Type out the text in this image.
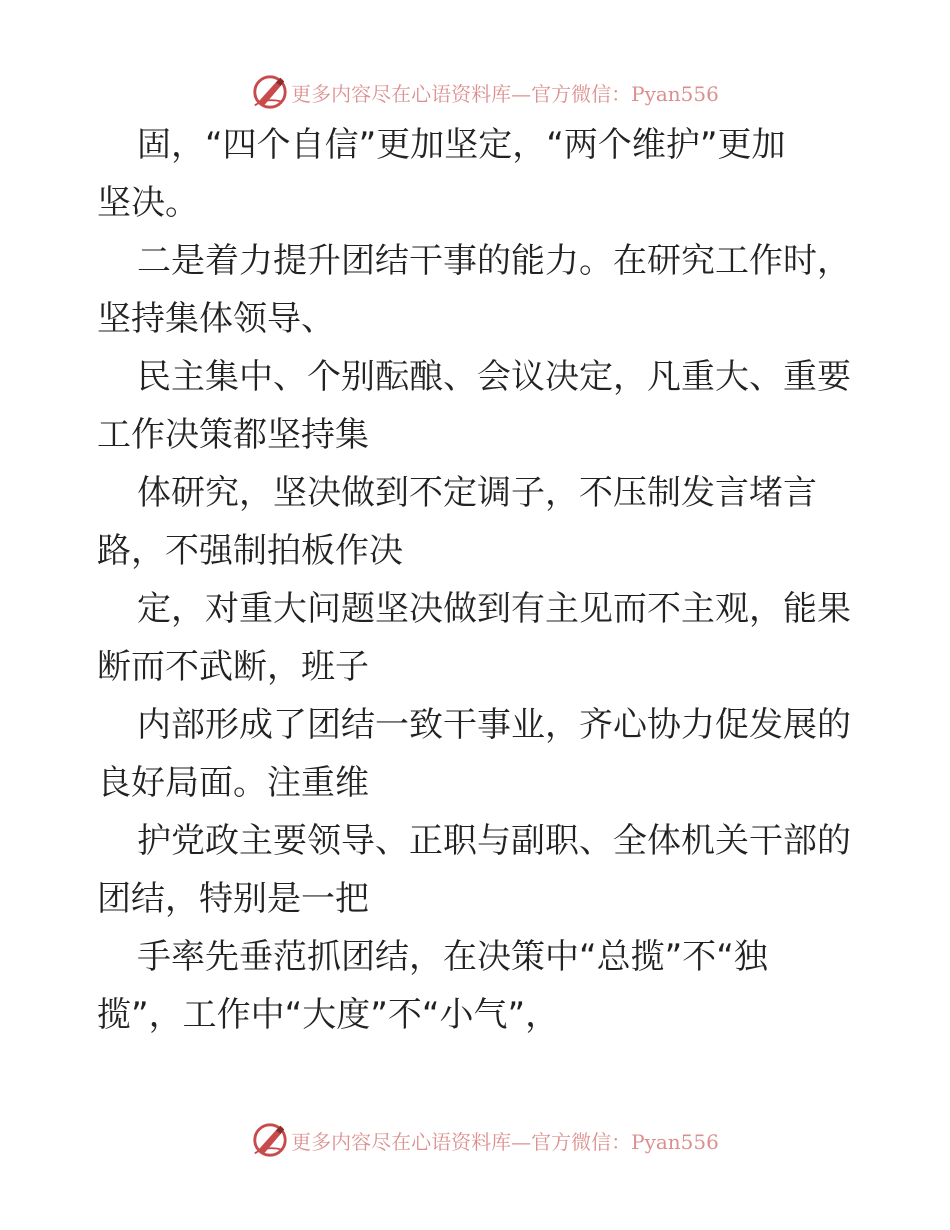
更多内容尽在心语资料库—官方微信：Pyan556
固，“四个自信”更加坚定，“两个维护”更加
坚决。
二是着力提升团结干事的能力。在研究工作时，
坚持集体领导、
民主集中、个别酝酿、会议决定，凡重大、重要
工作决策都坚持集
体研究，坚决做到不定调子，不压制发言堵言
路，不强制拍板作决
定，对重大问题坚决做到有主见而不主观，能果
断而不武断，班子
内部形成了团结一致干事业，齐心协力促发展的
良好局面。注重维
护党政主要领导、正职与副职、全体机关干部的
团结，特别是一把
手率先垂范抓团结，在决策中“总揽”不“独
揽”，工作中“大度”不“小气”，
更多内容尽在心语资料库—官方微信：Pyan556
